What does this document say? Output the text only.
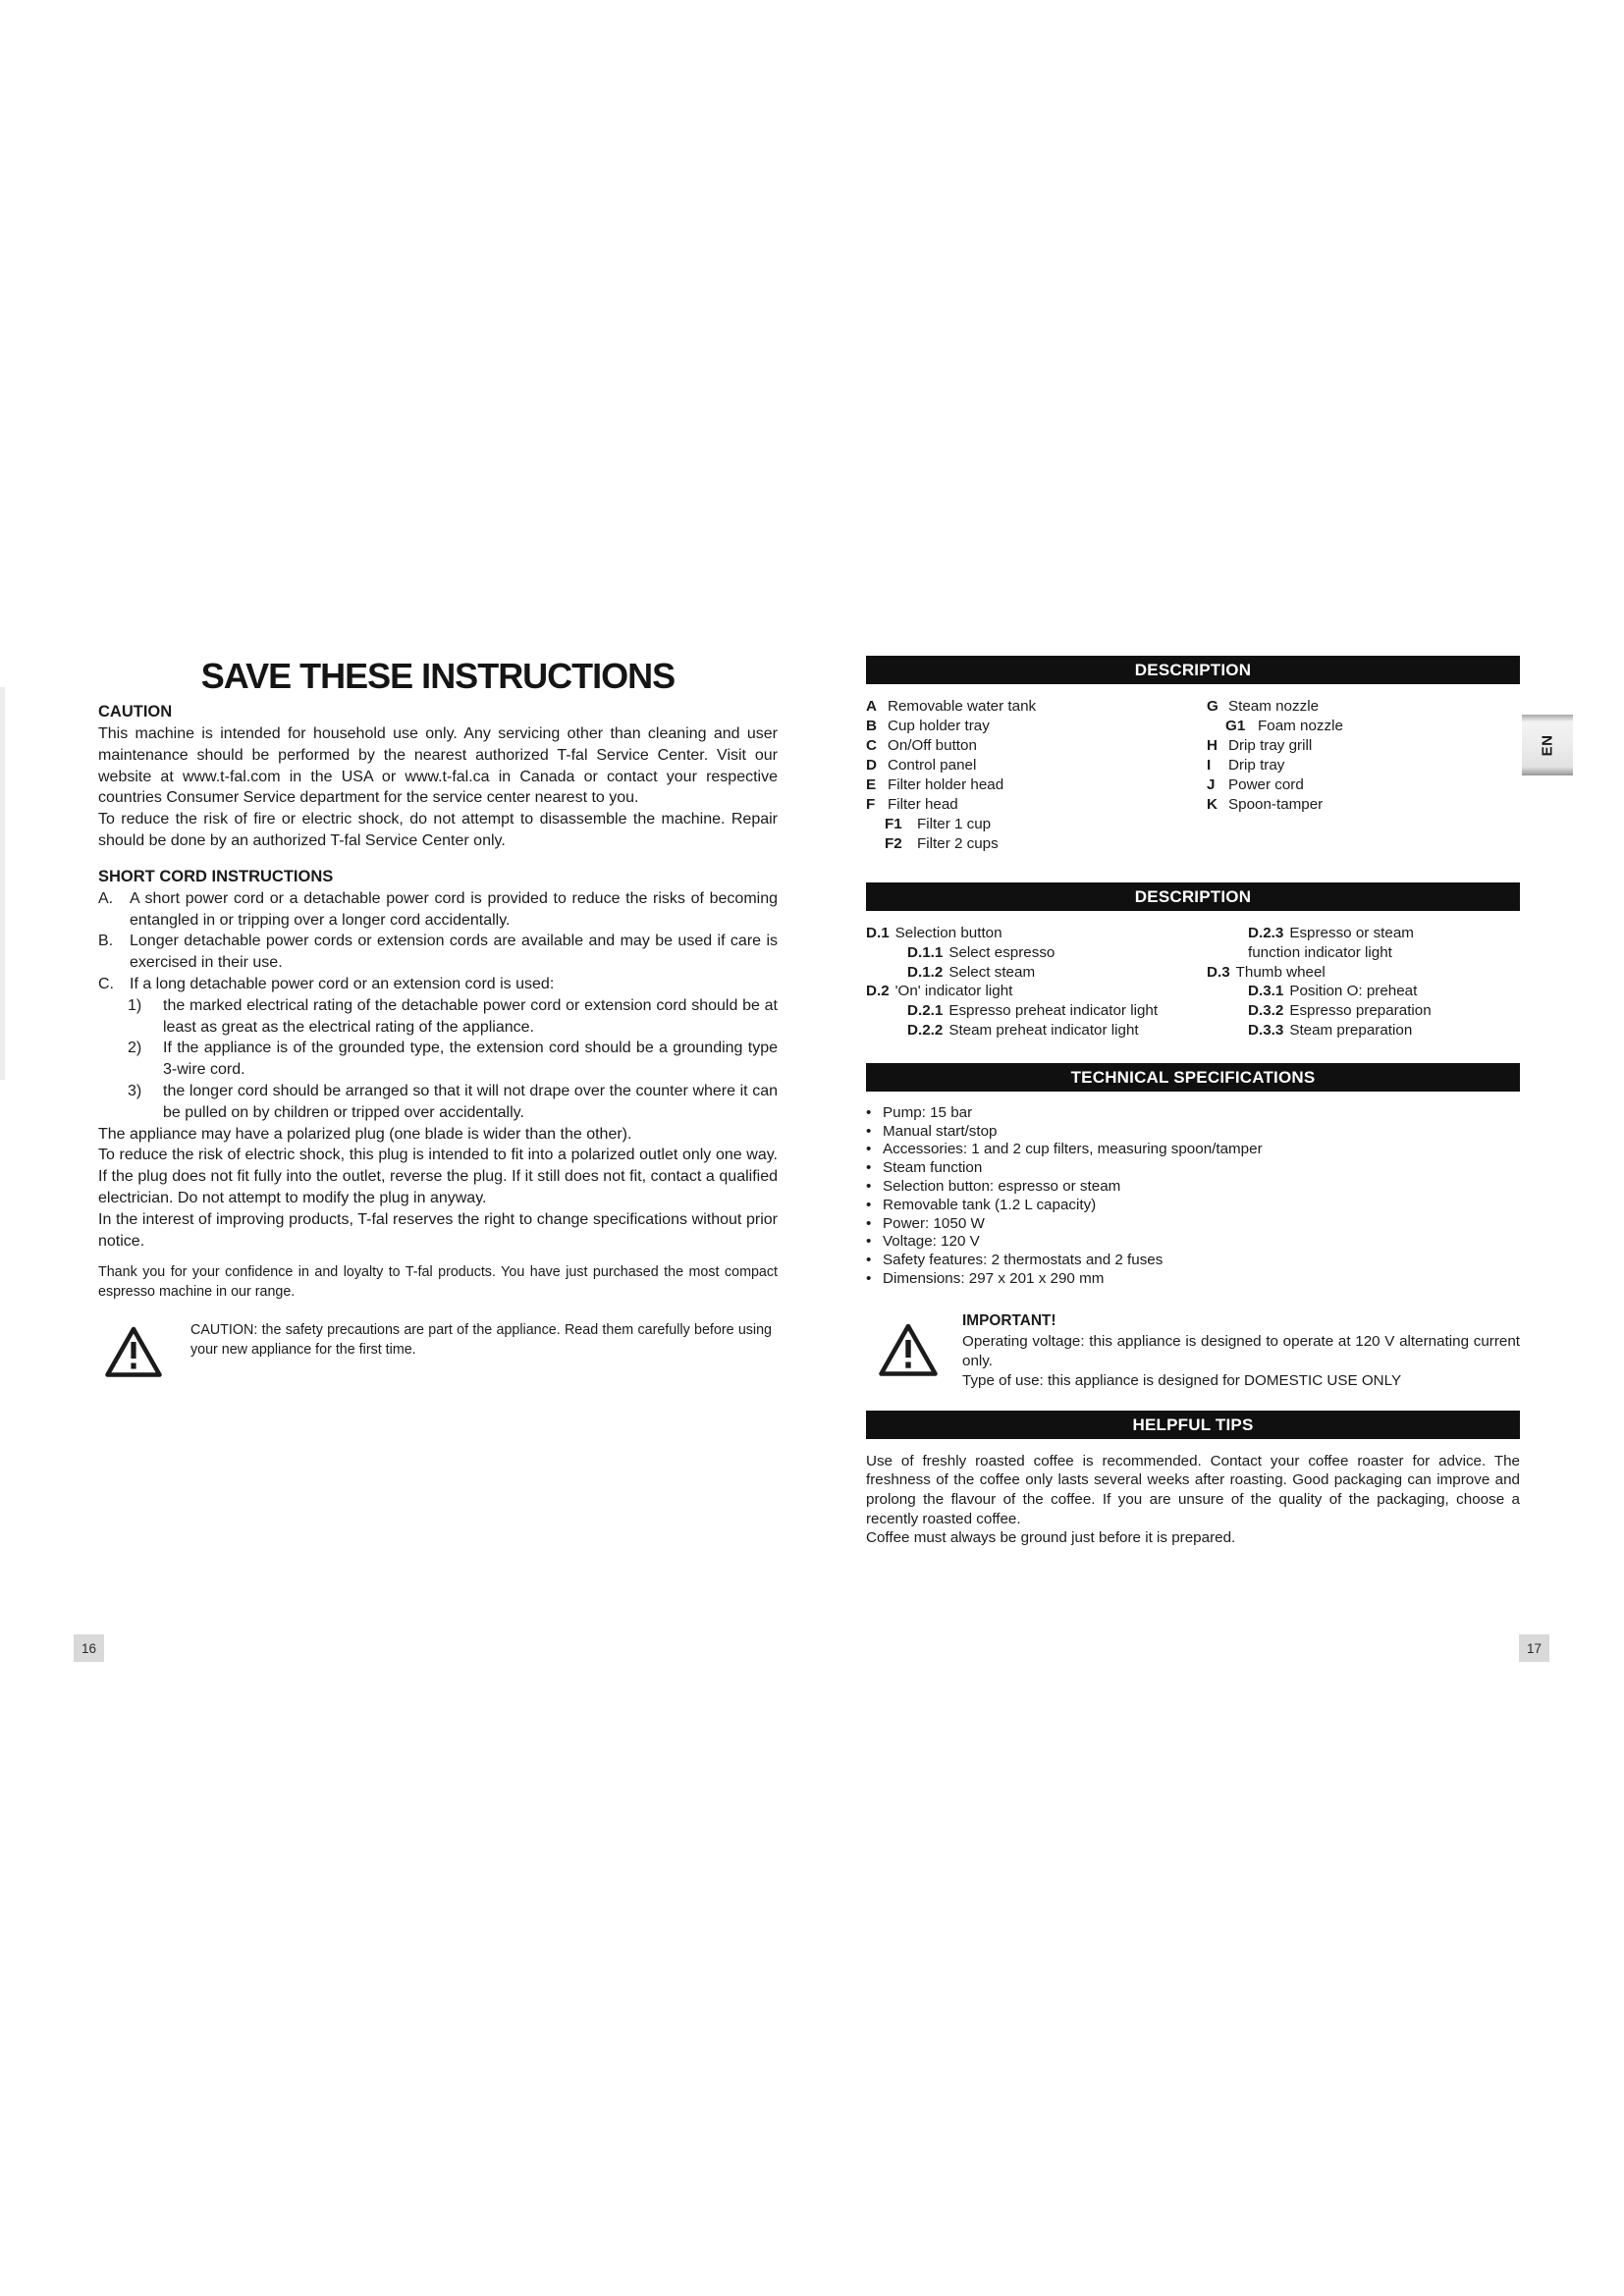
SAVE THESE INSTRUCTIONS
CAUTION

This machine is intended for household use only. Any servicing other than cleaning and user maintenance should be performed by the nearest authorized T-fal Service Center. Visit our website at www.t-fal.com in the USA or www.t-fal.ca in Canada or contact your respective countries Consumer Service department for the service center nearest to you.

To reduce the risk of fire or electric shock, do not attempt to disassemble the machine. Repair should be done by an authorized T-fal Service Center only.

SHORT CORD INSTRUCTIONS
A.	A short power cord or a detachable power cord is provided to reduce the risks of becoming entangled in or tripping over a longer cord accidentally.
B.	Longer detachable power cords or extension cords are available and may be used if care is exercised in their use.
C.	If a long detachable power cord or an extension cord is used:
1)	the marked electrical rating of the detachable power cord or extension cord should be at least as great as the electrical rating of the appliance.
2)	If the appliance is of the grounded type, the extension cord should be a grounding type 3-wire cord.
3)	the longer cord should be arranged so that it will not drape over the counter where it can be pulled on by children or tripped over accidentally.

The appliance may have a polarized plug (one blade is wider than the other).

To reduce the risk of electric shock, this plug is intended to fit into a polarized outlet only one way. If the plug does not fit fully into the outlet, reverse the plug. If it still does not fit, contact a qualified electrician. Do not attempt to modify the plug in anyway.

In the interest of improving products, T-fal reserves the right to change specifications without prior notice.

Thank you for your confidence in and loyalty to T-fal products. You have just purchased the most compact espresso machine in our range.

CAUTION: the safety precautions are part of the appliance. Read them carefully before using your new appliance for the first time.

DESCRIPTION
A Removable water tank
B Cup holder tray
C On/Off button
D Control panel
E Filter holder head
F Filter head
F1	Filter 1 cup
F2	Filter 2 cups
G Steam nozzle
G1 Foam nozzle
H Drip tray grill
I	Drip tray
J Power cord
K Spoon-tamper
DESCRIPTION
D.1 Selection button
D.1.1 Select espresso
D.1.2 Select steam
D.2 'On' indicator light
D.2.1 Espresso preheat indicator light
D.2.2 Steam preheat indicator light
D.2.3 Espresso or steam function indicator light
D.3 Thumb wheel
D.3.1 Position O: preheat
D.3.2 Espresso preparation
D.3.3 Steam preparation
TECHNICAL SPECIFICATIONS
• Pump: 15 bar
• Manual start/stop
• Accessories: 1 and 2 cup filters, measuring spoon/tamper
• Steam function
• Selection button: espresso or steam
• Removable tank (1.2 L capacity)
• Power: 1050 W
• Voltage: 120 V
• Safety features: 2 thermostats and 2 fuses
• Dimensions: 297 x 201 x 290 mm
IMPORTANT!

Operating voltage: this appliance is designed to operate at 120 V alternating current only.

Type of use: this appliance is designed for DOMESTIC USE ONLY

HELPFUL TIPS

Use of freshly roasted coffee is recommended. Contact your coffee roaster for advice. The freshness of the coffee only lasts several weeks after roasting. Good packaging can improve and prolong the flavour of the coffee. If you are unsure of the quality of the packaging, choose a recently roasted coffee.

Coffee must always be ground just before it is prepared.

EN
16	17
